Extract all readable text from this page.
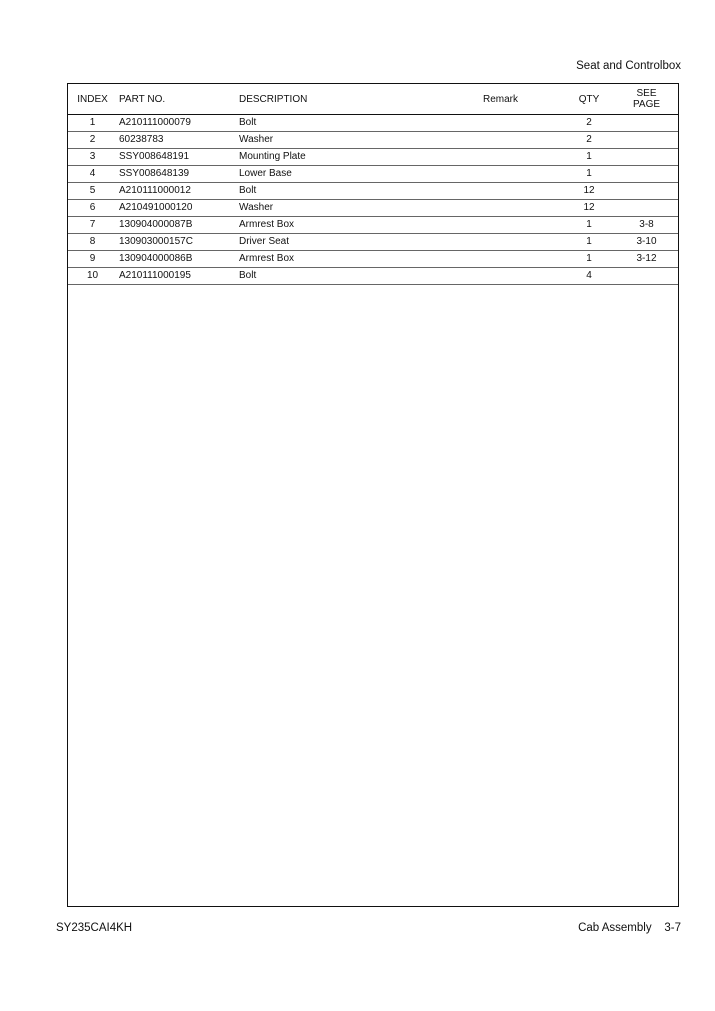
Seat and Controlbox
INDEX	PART NO.	DESCRIPTION	Remark	QTY	SEE
PAGE
1	A210111000079	Bolt		2	
2	60238783	Washer		2	
3	SSY008648191	Mounting Plate		1	
4	SSY008648139	Lower Base		1	
5	A210111000012	Bolt		12	
6	A210491000120	Washer		12	
7	130904000087B	Armrest Box		1	3-8
8	130903000157C	Driver Seat		1	3-10
9	130904000086B	Armrest Box		1	3-12
10	A210111000195	Bolt		4	
SY235CAI4KH	Cab Assembly 3-7
